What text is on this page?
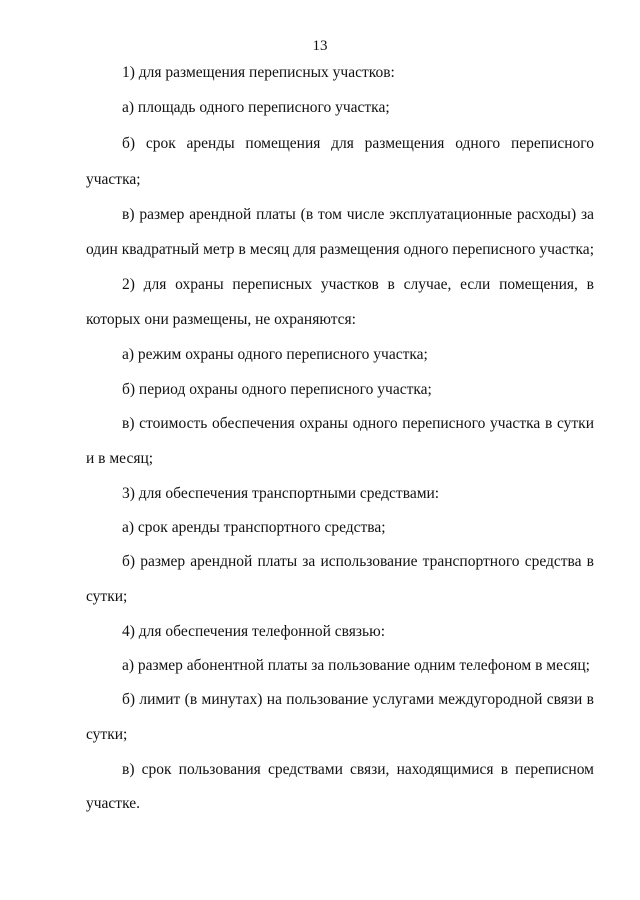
13
1) для размещения переписных участков:
а) площадь одного переписного участка;
б) срок аренды помещения для размещения одного переписного
участка;
в) размер арендной платы (в том числе эксплуатационные расходы) за
один квадратный метр в месяц для размещения одного переписного участка;
2) для охраны переписных участков в случае, если помещения, в
которых они размещены, не охраняются:
а) режим охраны одного переписного участка;
б) период охраны одного переписного участка;
в) стоимость обеспечения охраны одного переписного участка в сутки
и в месяц;
3) для обеспечения транспортными средствами:
а) срок аренды транспортного средства;
б) размер арендной платы за использование транспортного средства в
сутки;
4) для обеспечения телефонной связью:
а) размер абонентной платы за пользование одним телефоном в месяц;
б) лимит (в минутах) на пользование услугами междугородной связи в
сутки;
в) срок пользования средствами связи, находящимися в переписном
участке.
